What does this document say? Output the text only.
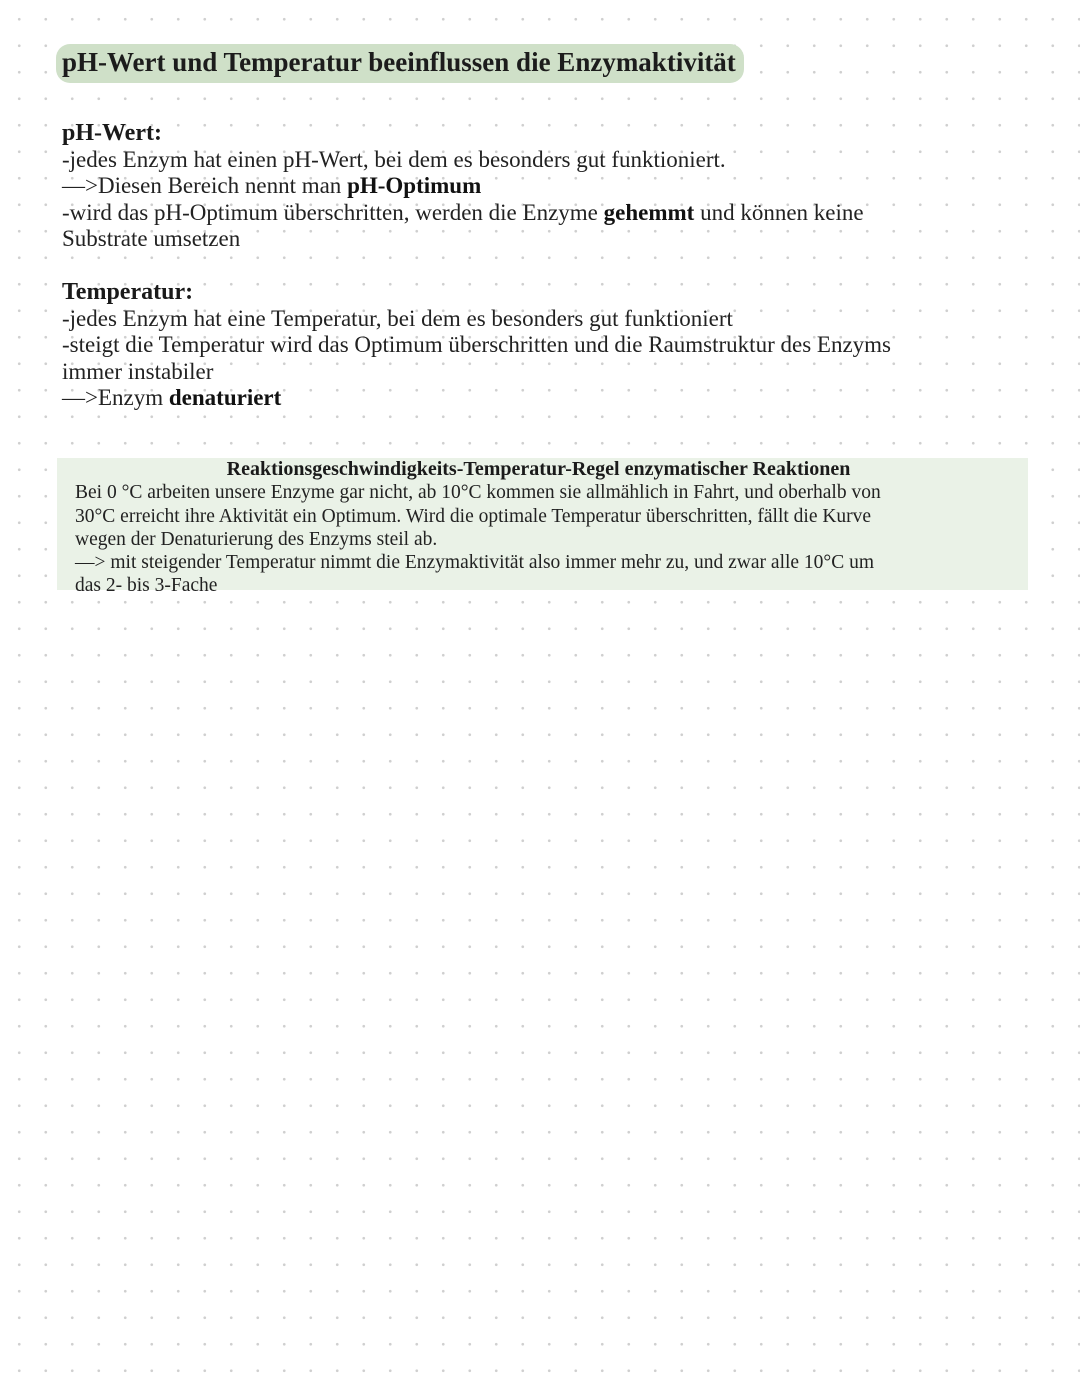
pH-Wert und Temperatur beeinflussen die Enzymaktivität
pH-Wert:
-jedes Enzym hat einen pH-Wert, bei dem es besonders gut funktioniert.
—>Diesen Bereich nennt man pH-Optimum
-wird das pH-Optimum überschritten, werden die Enzyme gehemmt und können keine
Substrate umsetzen
Temperatur:
-jedes Enzym hat eine Temperatur, bei dem es besonders gut funktioniert
-steigt die Temperatur wird das Optimum überschritten und die Raumstruktur des Enzyms
immer instabiler
—>Enzym denaturiert
Reaktionsgeschwindigkeits-Temperatur-Regel enzymatischer Reaktionen
Bei 0 °C arbeiten unsere Enzyme gar nicht, ab 10°C kommen sie allmählich in Fahrt, und oberhalb von
30°C erreicht ihre Aktivität ein Optimum. Wird die optimale Temperatur überschritten, fällt die Kurve
wegen der Denaturierung des Enzyms steil ab.
—> mit steigender Temperatur nimmt die Enzymaktivität also immer mehr zu, und zwar alle 10°C um
das 2- bis 3-Fache
